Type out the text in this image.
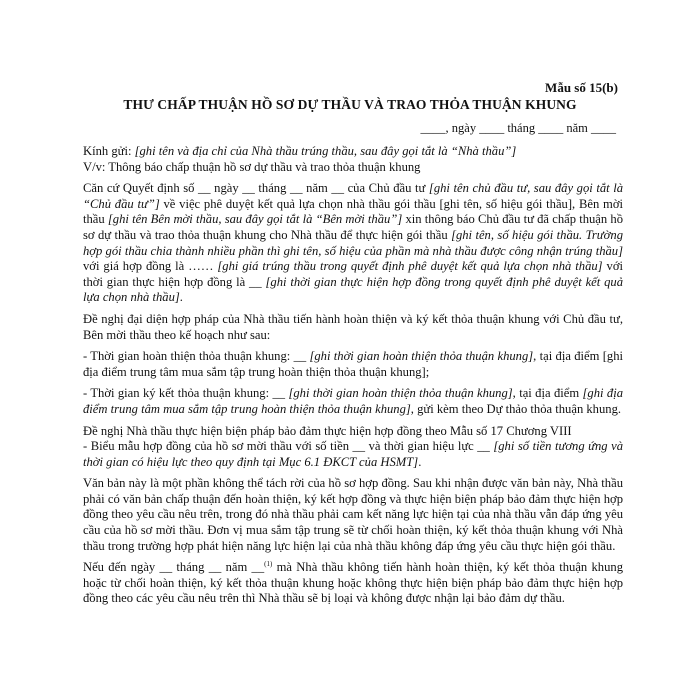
Mẫu số 15(b)
THƯ CHẤP THUẬN HỒ SƠ DỰ THẦU VÀ TRAO THỎA THUẬN KHUNG
____, ngày ____ tháng ____ năm ____

Kính gửi: [ghi tên và địa chỉ của Nhà thầu trúng thầu, sau đây gọi tắt là “Nhà thầu”]

V/v: Thông báo chấp thuận hồ sơ dự thầu và trao thỏa thuận khung

Căn cứ Quyết định số __ ngày __ tháng __ năm __ của Chủ đầu tư [ghi tên chủ đầu tư, sau đây gọi tắt là “Chủ đầu tư”] về việc phê duyệt kết quả lựa chọn nhà thầu gói thầu [ghi tên, số hiệu gói thầu], Bên mời thầu [ghi tên Bên mời thầu, sau đây gọi tắt là “Bên mời thầu”] xin thông báo Chủ đầu tư đã chấp thuận hồ sơ dự thầu và trao thỏa thuận khung cho Nhà thầu để thực hiện gói thầu [ghi tên, số hiệu gói thầu. Trường hợp gói thầu chia thành nhiều phần thì ghi tên, số hiệu của phần mà nhà thầu được công nhận trúng thầu] với giá hợp đồng là …… [ghi giá trúng thầu trong quyết định phê duyệt kết quả lựa chọn nhà thầu] với thời gian thực hiện hợp đồng là __ [ghi thời gian thực hiện hợp đồng trong quyết định phê duyệt kết quả lựa chọn nhà thầu].

Đề nghị đại diện hợp pháp của Nhà thầu tiến hành hoàn thiện và ký kết thỏa thuận khung với Chủ đầu tư, Bên mời thầu theo kế hoạch như sau:

- Thời gian hoàn thiện thỏa thuận khung: __ [ghi thời gian hoàn thiện thỏa thuận khung], tại địa điểm [ghi địa điểm trung tâm mua sắm tập trung hoàn thiện thỏa thuận khung];

- Thời gian ký kết thỏa thuận khung: __ [ghi thời gian hoàn thiện thỏa thuận khung], tại địa điểm [ghi địa điểm trung tâm mua sắm tập trung hoàn thiện thỏa thuận khung], gửi kèm theo Dự thảo thỏa thuận khung.

Đề nghị Nhà thầu thực hiện biện pháp bảo đảm thực hiện hợp đồng theo Mẫu số 17 Chương VIII
- Biểu mẫu hợp đồng của hồ sơ mời thầu với số tiền __ và thời gian hiệu lực __ [ghi số tiền tương ứng và thời gian có hiệu lực theo quy định tại Mục 6.1 ĐKCT của HSMT].

Văn bản này là một phần không thể tách rời của hồ sơ hợp đồng. Sau khi nhận được văn bản này, Nhà thầu phải có văn bản chấp thuận đến hoàn thiện, ký kết hợp đồng và thực hiện biện pháp bảo đảm thực hiện hợp đồng theo yêu cầu nêu trên, trong đó nhà thầu phải cam kết năng lực hiện tại của nhà thầu vẫn đáp ứng yêu cầu của hồ sơ mời thầu. Đơn vị mua sắm tập trung sẽ từ chối hoàn thiện, ký kết thỏa thuận khung với Nhà thầu trong trường hợp phát hiện năng lực hiện lại của nhà thầu không đáp ứng yêu cầu thực hiện gói thầu.

Nếu đến ngày __ tháng __ năm __$^{(1)}$ mà Nhà thầu không tiến hành hoàn thiện, ký kết thỏa thuận khung hoặc từ chối hoàn thiện, ký kết thỏa thuận khung hoặc không thực hiện biện pháp bảo đảm thực hiện hợp đồng theo các yêu cầu nêu trên thì Nhà thầu sẽ bị loại và không được nhận lại bảo đảm dự thầu.
